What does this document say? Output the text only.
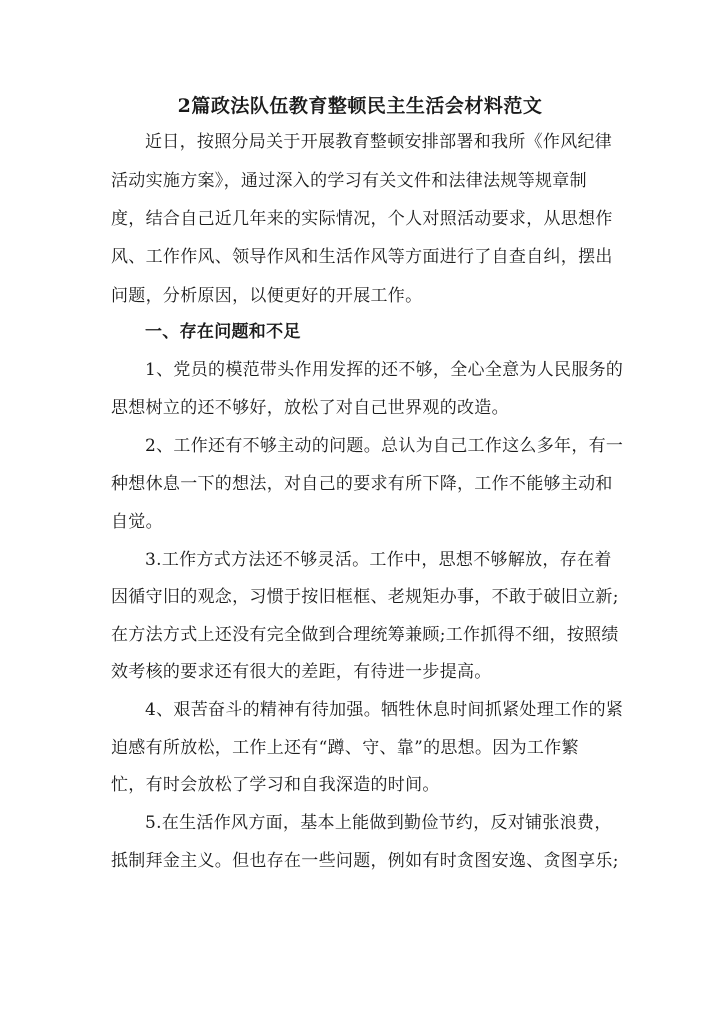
2篇政法队伍教育整顿民主生活会材料范文
近日，按照分局关于开展教育整顿安排部署和我所《作风纪律
活动实施方案》，通过深入的学习有关文件和法律法规等规章制
度，结合自己近几年来的实际情况，个人对照活动要求，从思想作
风、工作作风、领导作风和生活作风等方面进行了自查自纠，摆出
问题，分析原因，以便更好的开展工作。
一、存在问题和不足
1、党员的模范带头作用发挥的还不够，全心全意为人民服务的
思想树立的还不够好，放松了对自己世界观的改造。
2、工作还有不够主动的问题。总认为自己工作这么多年，有一
种想休息一下的想法，对自己的要求有所下降，工作不能够主动和
自觉。
3.工作方式方法还不够灵活。工作中，思想不够解放，存在着
因循守旧的观念，习惯于按旧框框、老规矩办事，不敢于破旧立新;
在方法方式上还没有完全做到合理统筹兼顾;工作抓得不细，按照绩
效考核的要求还有很大的差距，有待进一步提高。
4、艰苦奋斗的精神有待加强。牺牲休息时间抓紧处理工作的紧
迫感有所放松，工作上还有“蹲、守、靠”的思想。因为工作繁
忙，有时会放松了学习和自我深造的时间。
5.在生活作风方面，基本上能做到勤俭节约，反对铺张浪费，
抵制拜金主义。但也存在一些问题，例如有时贪图安逸、贪图享乐;
